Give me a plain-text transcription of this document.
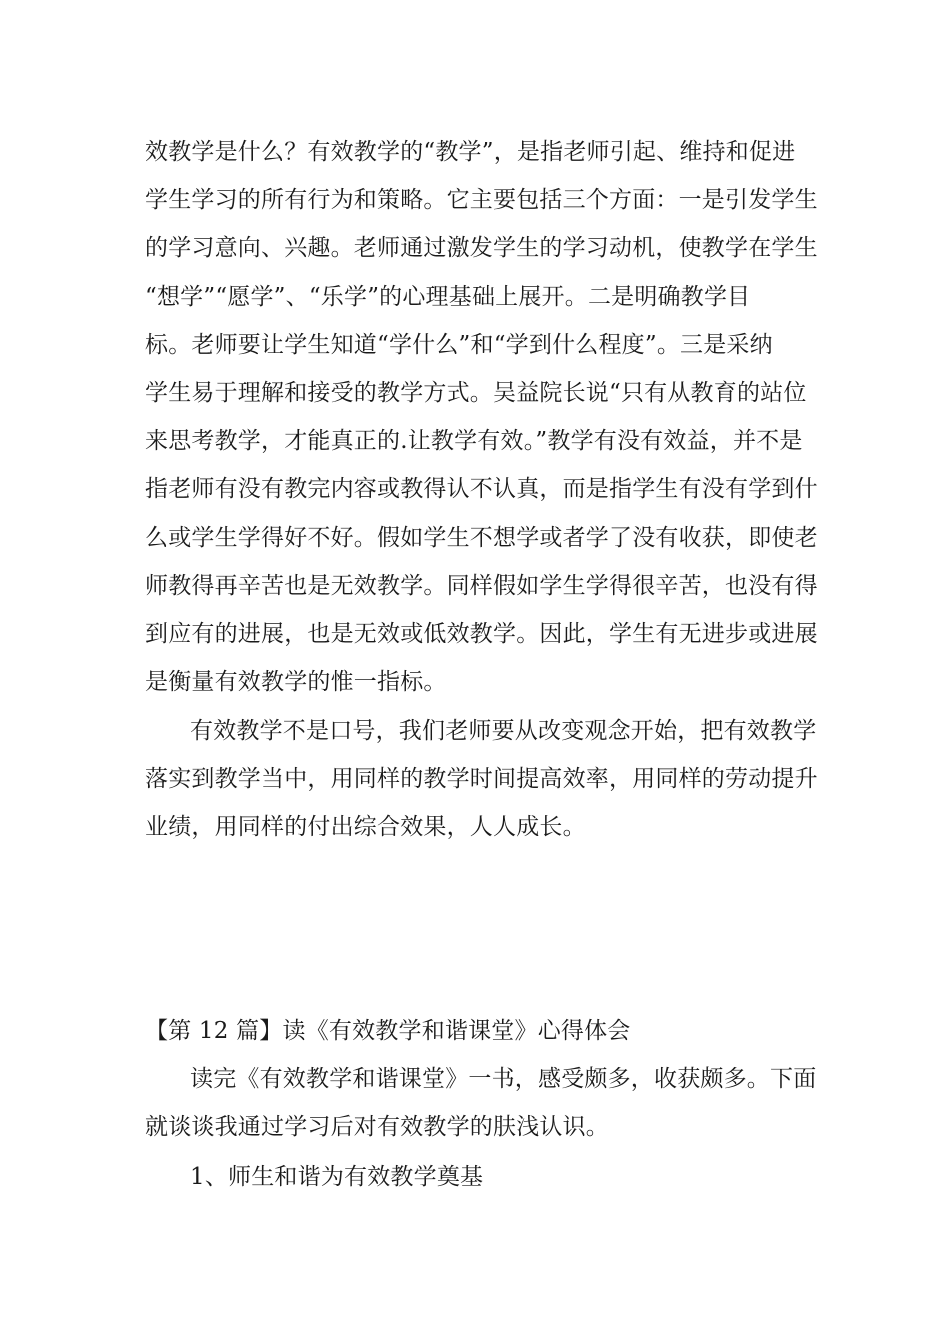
效教学是什么？有效教学的“教学”，是指老师引起、维持和促进
学生学习的所有行为和策略。它主要包括三个方面：一是引发学生
的学习意向、兴趣。老师通过激发学生的学习动机，使教学在学生
“想学”“愿学”、“乐学”的心理基础上展开。二是明确教学目
标。老师要让学生知道“学什么”和“学到什么程度”。三是采纳
学生易于理解和接受的教学方式。吴益院长说“只有从教育的站位
来思考教学，才能真正的.让教学有效。”教学有没有效益，并不是
指老师有没有教完内容或教得认不认真，而是指学生有没有学到什
么或学生学得好不好。假如学生不想学或者学了没有收获，即使老
师教得再辛苦也是无效教学。同样假如学生学得很辛苦，也没有得
到应有的进展，也是无效或低效教学。因此，学生有无进步或进展
是衡量有效教学的惟一指标。
有效教学不是口号，我们老师要从改变观念开始，把有效教学
落实到教学当中，用同样的教学时间提高效率，用同样的劳动提升
业绩，用同样的付出综合效果，人人成长。
【第 12 篇】读《有效教学和谐课堂》心得体会
读完《有效教学和谐课堂》一书，感受颇多，收获颇多。下面
就谈谈我通过学习后对有效教学的肤浅认识。
1、师生和谐为有效教学奠基
